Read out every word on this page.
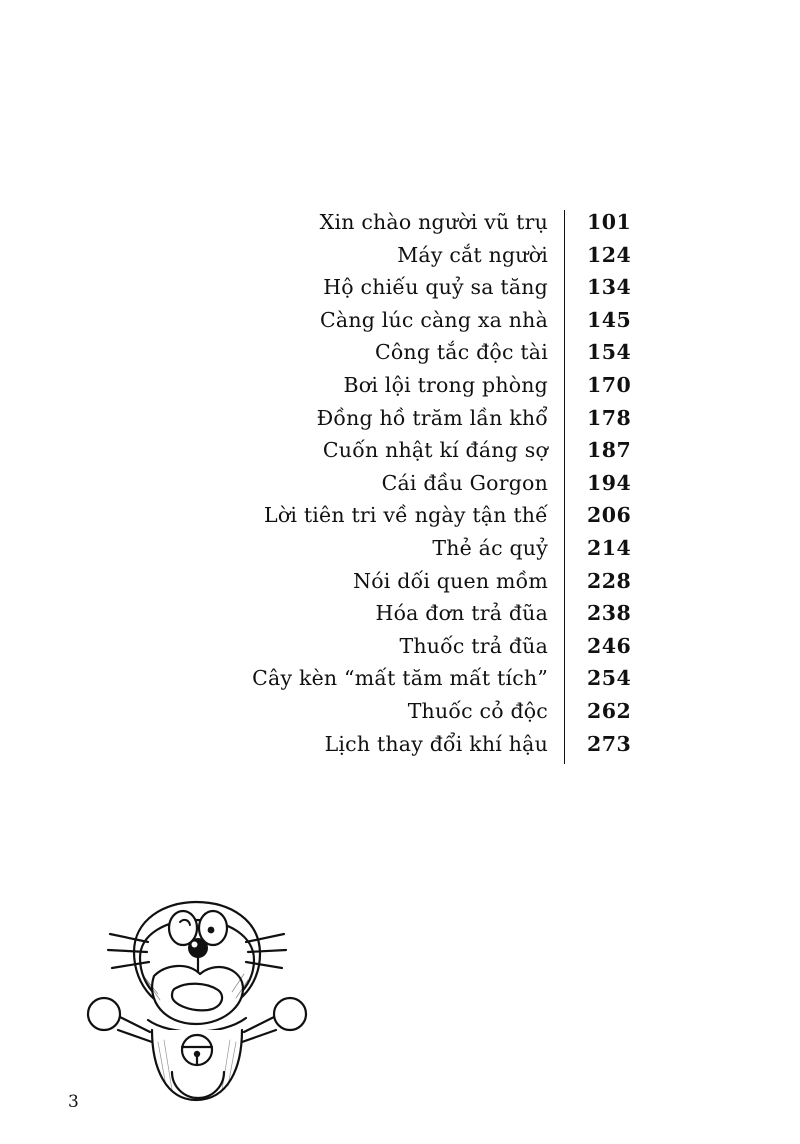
Xin chào người vũ trụ	101
Máy cắt người	124
Hộ chiếu quỷ sa tăng	134
Càng lúc càng xa nhà	145
Công tắc độc tài	154
Bơi lội trong phòng	170
Đồng hồ trăm lần khổ	178
Cuốn nhật kí đáng sợ	187
Cái đầu Gorgon	194
Lời tiên tri về ngày tận thế	206
Thẻ ác quỷ	214
Nói dối quen mồm	228
Hóa đơn trả đũa	238
Thuốc trả đũa	246
Cây kèn “mất tăm mất tích”	254
Thuốc cỏ độc	262
Lịch thay đổi khí hậu	273
3
